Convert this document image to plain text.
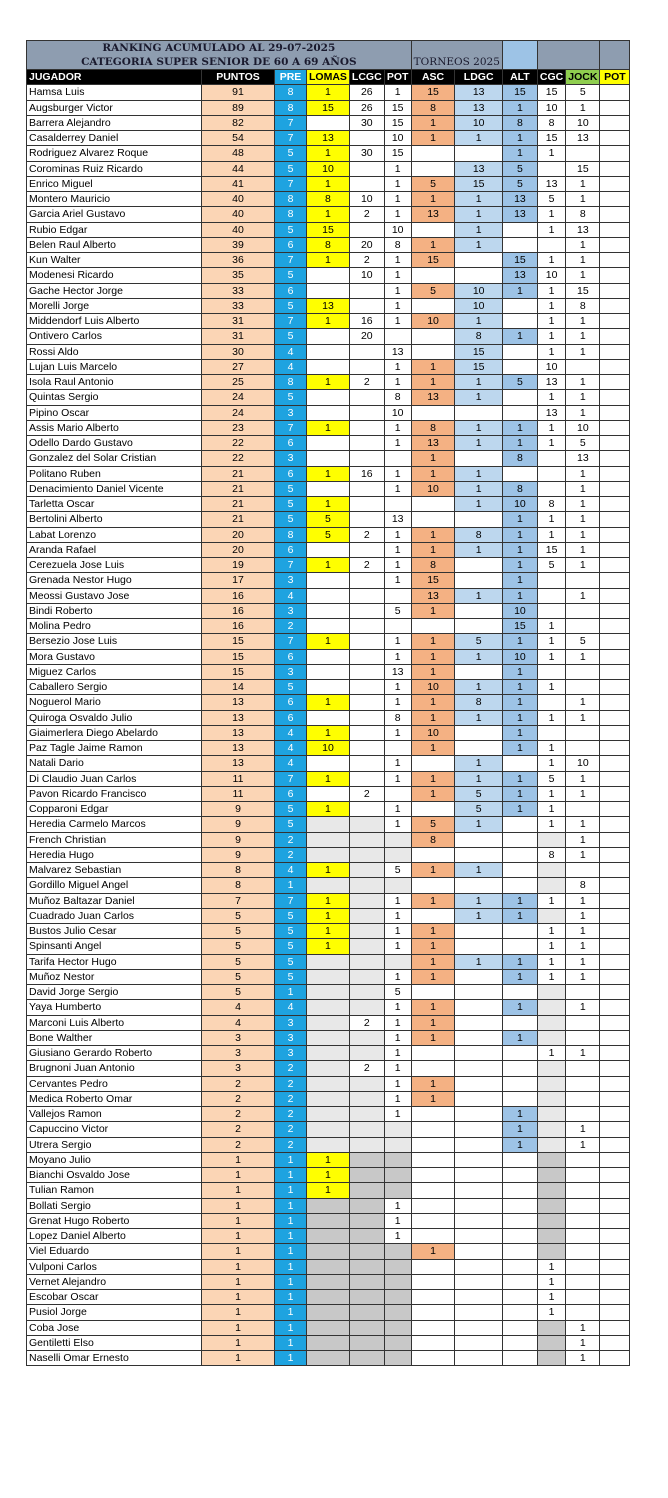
RANKING ACUMULADO AL 29-07-2025
CATEGORIA SUPER SENIOR DE 60 A 69 AÑOS						TORNEOS 2025					
JUGADOR	PUNTOS	PRE	LOMAS	LCGC	POT	ASC	LDGC	ALT	CGC	JOCK	POT
Hamsa Luis	91	8	1	26	1	15	13	15	15	5	
Augsburger Victor	89	8	15	26	15	8	13	1	10	1	
Barrera Alejandro	82	7		30	15	1	10	8	8	10	
Casalderrey Daniel	54	7	13		10	1	1	1	15	13	
Rodriguez Alvarez Roque	48	5	1	30	15			1	1		
Corominas Ruiz Ricardo	44	5	10		1		13	5		15	
Enrico Miguel	41	7	1		1	5	15	5	13	1	
Montero Mauricio	40	8	8	10	1	1	1	13	5	1	
Garcia Ariel Gustavo	40	8	1	2	1	13	1	13	1	8	
Rubio Edgar	40	5	15		10		1		1	13	
Belen Raul Alberto	39	6	8	20	8	1	1			1	
Kun Walter	36	7	1	2	1	15		15	1	1	
Modenesi Ricardo	35	5		10	1			13	10	1	
Gache Hector Jorge	33	6			1	5	10	1	1	15	
Morelli Jorge	33	5	13		1		10		1	8	
Middendorf Luis Alberto	31	7	1	16	1	10	1		1	1	
Ontivero Carlos	31	5		20			8	1	1	1	
Rossi Aldo	30	4			13		15		1	1	
Lujan Luis Marcelo	27	4			1	1	15		10		
Isola Raul Antonio	25	8	1	2	1	1	1	5	13	1	
Quintas Sergio	24	5			8	13	1		1	1	
Pipino Oscar	24	3			10				13	1	
Assis Mario Alberto	23	7	1		1	8	1	1	1	10	
Odello Dardo Gustavo	22	6			1	13	1	1	1	5	
Gonzalez del Solar Cristian	22	3				1		8		13	
Politano Ruben	21	6	1	16	1	1	1			1	
Denacimiento Daniel Vicente	21	5			1	10	1	8		1	
Tarletta Oscar	21	5	1				1	10	8	1	
Bertolini Alberto	21	5	5		13			1	1	1	
Labat Lorenzo	20	8	5	2	1	1	8	1	1	1	
Aranda Rafael	20	6			1	1	1	1	15	1	
Cerezuela Jose Luis	19	7	1	2	1	8		1	5	1	
Grenada Nestor Hugo	17	3			1	15		1			
Meossi Gustavo Jose	16	4				13	1	1		1	
Bindi Roberto	16	3			5	1		10			
Molina Pedro	16	2						15	1		
Bersezio Jose Luis	15	7	1		1	1	5	1	1	5	
Mora Gustavo	15	6			1	1	1	10	1	1	
Miguez Carlos	15	3			13	1		1			
Caballero Sergio	14	5			1	10	1	1	1		
Noguerol Mario	13	6	1		1	1	8	1		1	
Quiroga Osvaldo Julio	13	6			8	1	1	1	1	1	
Giaimerlera Diego Abelardo	13	4	1		1	10		1			
Paz Tagle Jaime Ramon	13	4	10			1		1	1		
Natali Dario	13	4			1		1		1	10	
Di Claudio Juan Carlos	11	7	1		1	1	1	1	5	1	
Pavon Ricardo Francisco	11	6		2		1	5	1	1	1	
Copparoni Edgar	9	5	1		1		5	1	1		
Heredia Carmelo Marcos	9	5			1	5	1		1	1	
French Christian	9	2				8				1	
Heredia Hugo	9	2							8	1	
Malvarez Sebastian	8	4	1		5	1	1				
Gordillo Miguel Angel	8	1								8	
Muñoz Baltazar Daniel	7	7	1		1	1	1	1	1	1	
Cuadrado Juan Carlos	5	5	1		1		1	1		1	
Bustos Julio Cesar	5	5	1		1	1			1	1	
Spinsanti Angel	5	5	1		1	1			1	1	
Tarifa Hector Hugo	5	5				1	1	1	1	1	
Muñoz Nestor	5	5			1	1		1	1	1	
David Jorge Sergio	5	1			5						
Yaya Humberto	4	4			1	1		1		1	
Marconi Luis Alberto	4	3		2	1	1					
Bone Walther	3	3			1	1		1			
Giusiano Gerardo Roberto	3	3			1				1	1	
Brugnoni Juan Antonio	3	2		2	1						
Cervantes Pedro	2	2			1	1					
Medica Roberto Omar	2	2			1	1					
Vallejos Ramon	2	2			1			1			
Capuccino Victor	2	2						1		1	
Utrera Sergio	2	2						1		1	
Moyano Julio	1	1	1								
Bianchi Osvaldo Jose	1	1	1								
Tulian Ramon	1	1	1								
Bollati Sergio	1	1			1						
Grenat Hugo Roberto	1	1			1						
Lopez Daniel Alberto	1	1			1						
Viel Eduardo	1	1				1					
Vulponi Carlos	1	1							1		
Vernet Alejandro	1	1							1		
Escobar Oscar	1	1							1		
Pusiol Jorge	1	1							1		
Coba Jose	1	1								1	
Gentiletti Elso	1	1								1	
Naselli Omar Ernesto	1	1								1	
